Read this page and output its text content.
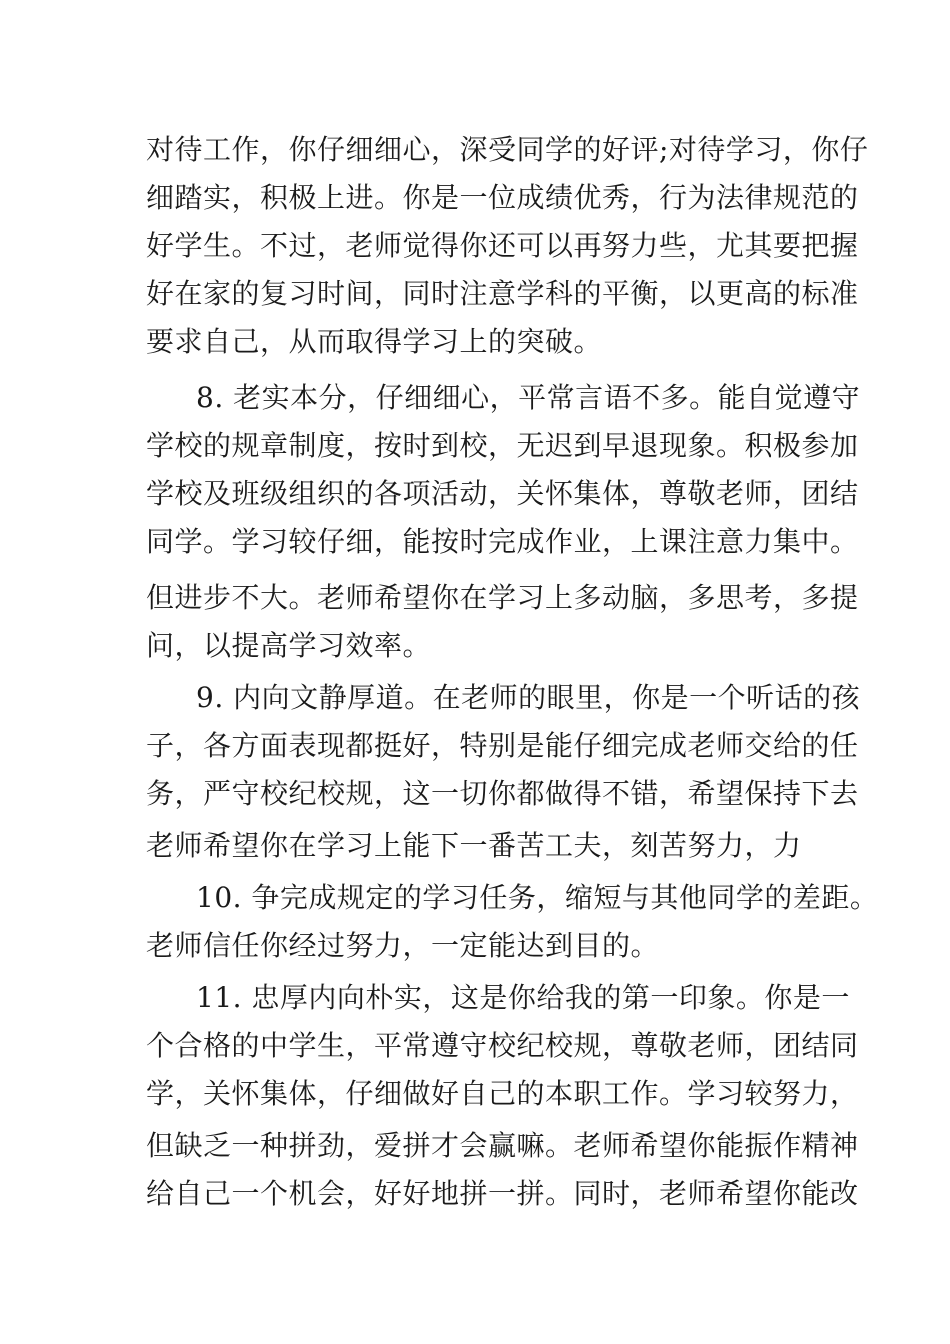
对待工作，你仔细细心，深受同学的好评;对待学习，你仔
细踏实，积极上进。你是一位成绩优秀，行为法律规范的
好学生。不过，老师觉得你还可以再努力些，尤其要把握
好在家的复习时间，同时注意学科的平衡，以更高的标准
要求自己，从而取得学习上的突破。
8. 老实本分，仔细细心，平常言语不多。能自觉遵守
学校的规章制度，按时到校，无迟到早退现象。积极参加
学校及班级组织的各项活动，关怀集体，尊敬老师，团结
同学。学习较仔细，能按时完成作业，上课注意力集中。
但进步不大。老师希望你在学习上多动脑，多思考，多提
问，以提高学习效率。
9. 内向文静厚道。在老师的眼里，你是一个听话的孩
子，各方面表现都挺好，特别是能仔细完成老师交给的任
务，严守校纪校规，这一切你都做得不错，希望保持下去
老师希望你在学习上能下一番苦工夫，刻苦努力，力
10. 争完成规定的学习任务，缩短与其他同学的差距。
老师信任你经过努力，一定能达到目的。
11. 忠厚内向朴实，这是你给我的第一印象。你是一
个合格的中学生，平常遵守校纪校规，尊敬老师，团结同
学，关怀集体，仔细做好自己的本职工作。学习较努力，
但缺乏一种拼劲，爱拼才会赢嘛。老师希望你能振作精神
给自己一个机会，好好地拼一拼。同时，老师希望你能改
